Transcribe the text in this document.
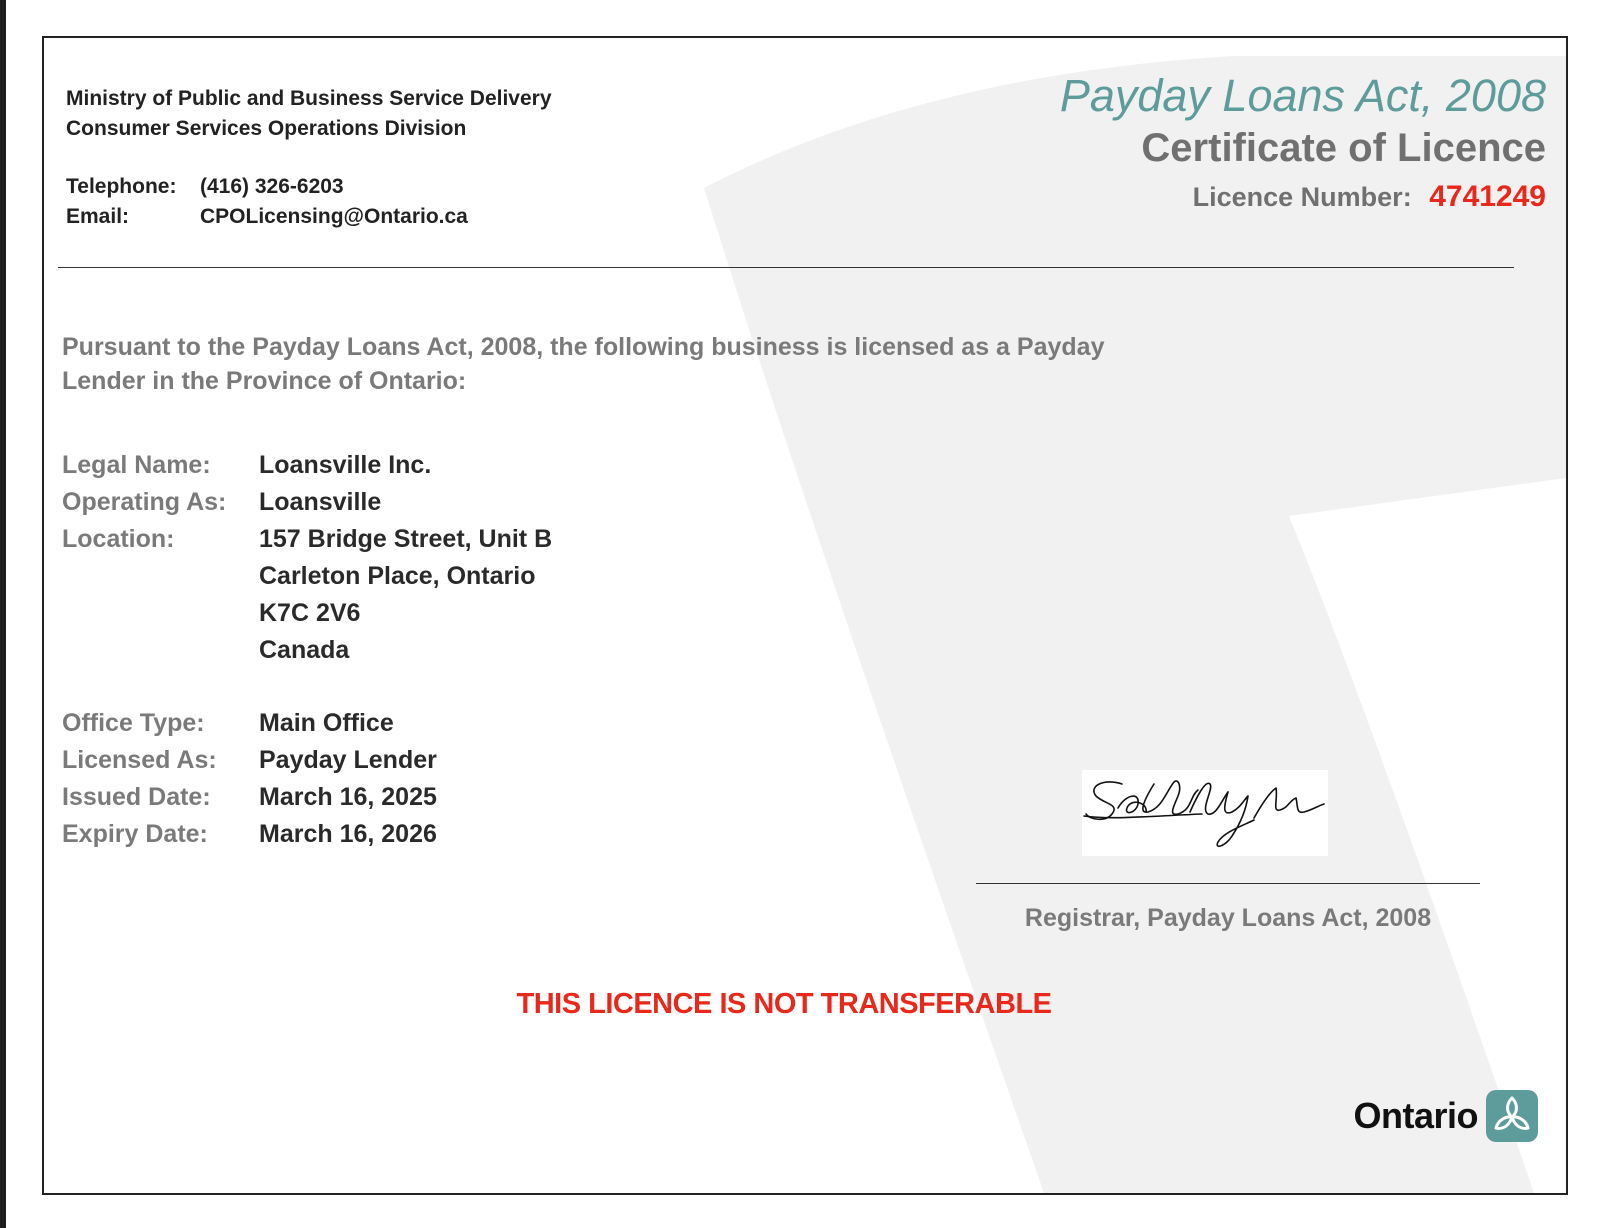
Ministry of Public and Business Service Delivery
Consumer Services Operations Division
Telephone:	(416) 326-6203
Email:	CPOLicensing@Ontario.ca
Payday Loans Act, 2008
Certificate of Licence
Licence Number: 4741249
Pursuant to the Payday Loans Act, 2008, the following business is licensed as a Payday Lender in the Province of Ontario:
Legal Name:	Loansville Inc.
Operating As:	Loansville
Location:	157 Bridge Street, Unit B
Carleton Place, Ontario
K7C 2V6
Canada
Office Type:	Main Office
Licensed As:	Payday Lender
Issued Date:	March 16, 2025
Expiry Date:	March 16, 2026
Registrar, Payday Loans Act, 2008
THIS LICENCE IS NOT TRANSFERABLE
Ontario
